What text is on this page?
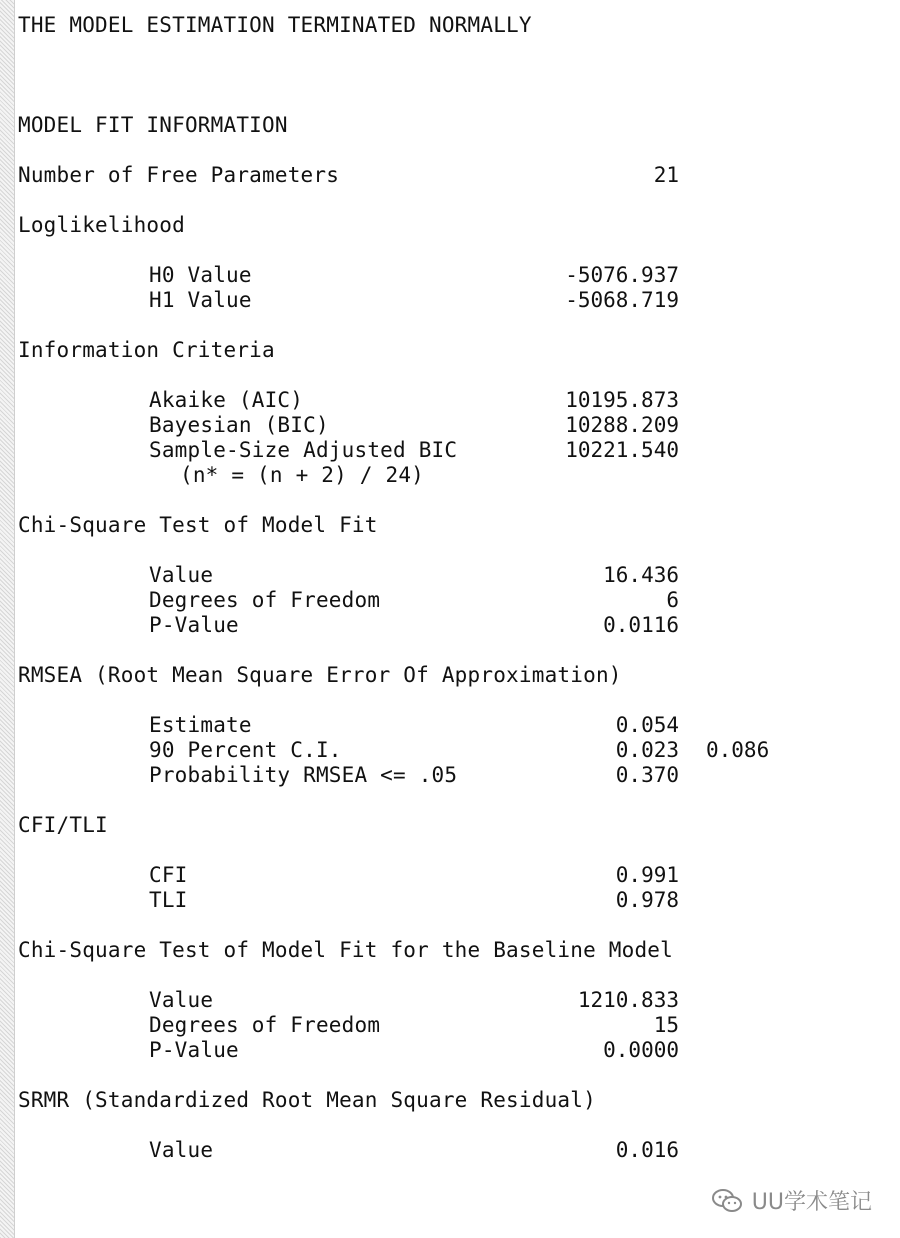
THE MODEL ESTIMATION TERMINATED NORMALLY
MODEL FIT INFORMATION
Number of Free Parameters	21
Loglikelihood
H0 Value	-5076.937
H1 Value	-5068.719
Information Criteria
Akaike (AIC)	10195.873
Bayesian (BIC)	10288.209
Sample-Size Adjusted BIC	10221.540
(n* = (n + 2) / 24)
Chi-Square Test of Model Fit
Value	16.436
Degrees of Freedom	6
P-Value	0.0116
RMSEA (Root Mean Square Error Of Approximation)
Estimate	0.054
90 Percent C.I.	0.023 0.086
Probability RMSEA <= .05	0.370
CFI/TLI
CFI	0.991
TLI	0.978
Chi-Square Test of Model Fit for the Baseline Model
Value	1210.833
Degrees of Freedom	15
P-Value	0.0000
SRMR (Standardized Root Mean Square Residual)
Value	0.016
UU学术笔记
